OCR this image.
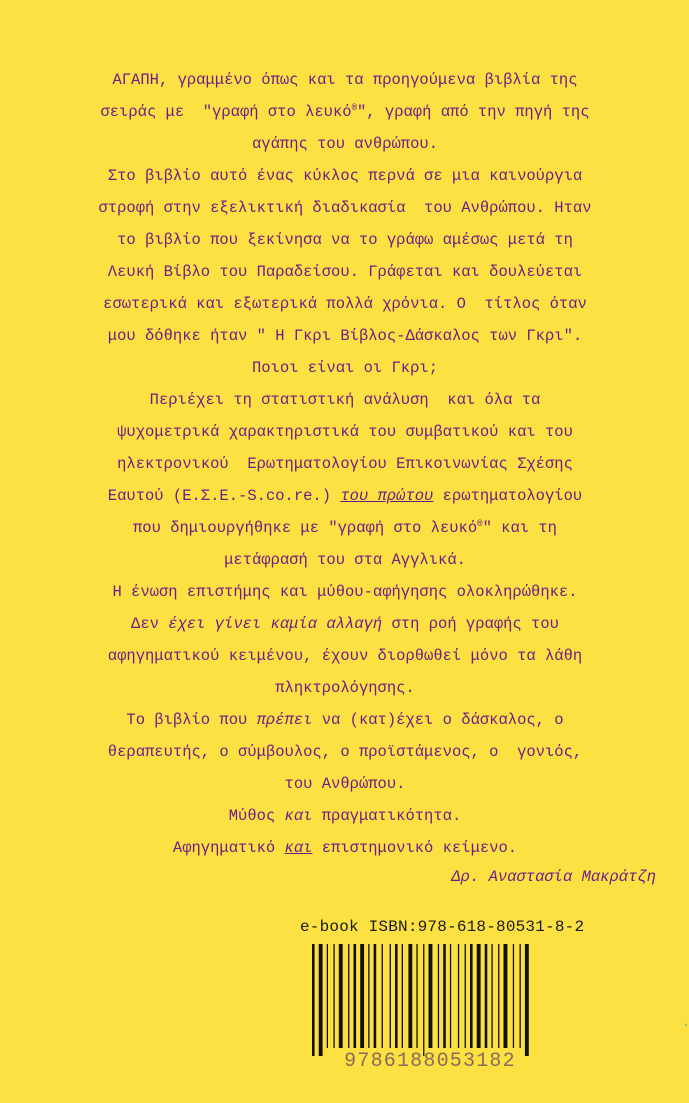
ΑΓΑΠΗ, γραμμένο όπως και τα προηγούμενα βιβλία της
σειράς με  "γραφή στο λευκό®", γραφή από την πηγή της
αγάπης του ανθρώπου.
Στο βιβλίο αυτό ένας κύκλος περνά σε μια καινούργια
στροφή στην εξελικτική διαδικασία  του Ανθρώπου. Ηταν
το βιβλίο που ξεκίνησα να το γράφω αμέσως μετά τη
Λευκή Βίβλο του Παραδείσου. Γράφεται και δουλεύεται
εσωτερικά και εξωτερικά πολλά χρόνια. Ο  τίτλος όταν
μου δόθηκε ήταν " Η Γκρι Βίβλος-Δάσκαλος των Γκρι".
Ποιοι είναι οι Γκρι;
Περιέχει τη στατιστική ανάλυση  και όλα τα
ψυχομετρικά χαρακτηριστικά του συμβατικού και του
ηλεκτρονικού  Ερωτηματολογίου Επικοινωνίας Σχέσης
Εαυτού (Ε.Σ.Ε.-S.co.re.) του πρώτου ερωτηματολογίου
που δημιουργήθηκε με "γραφή στο λευκό®" και τη
μετάφρασή του στα Αγγλικά.
Η ένωση επιστήμης και μύθου-αφήγησης ολοκληρώθηκε.
Δεν έχει γίνει καμία αλλαγή στη ροή γραφής του
αφηγηματικού κειμένου, έχουν διορθωθεί μόνο τα λάθη
πληκτρολόγησης.
Το βιβλίο που πρέπει να (κατ)έχει ο δάσκαλος, ο
θεραπευτής, ο σύμβουλος, ο προϊστάμενος, ο  γονιός,
του Ανθρώπου.
Μύθος και πραγματικότητα.
Αφηγηματικό και επιστημονικό κείμενο.
Δρ. Αναστασία Μακράτζη
e-book ISBN:978-618-80531-8-2
9786188053182
◦
